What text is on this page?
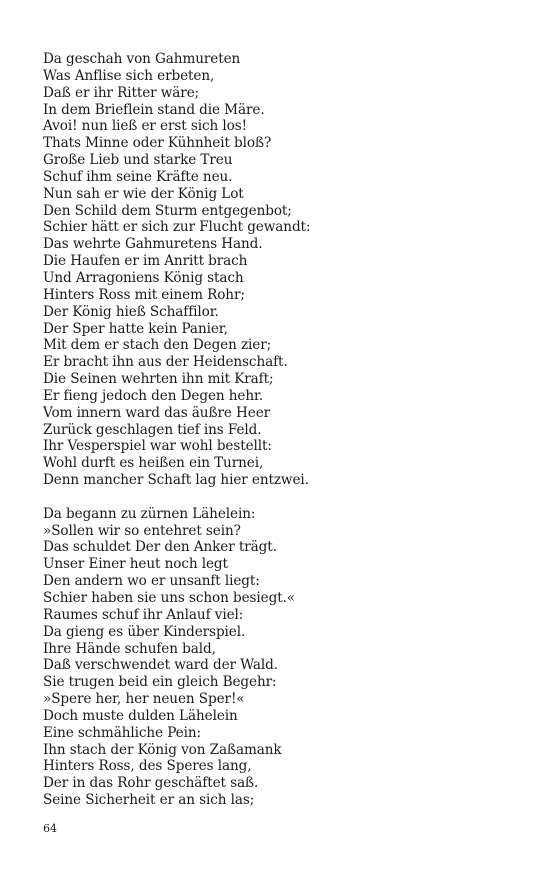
Da geschah von Gahmureten
Was Anflise sich erbeten,
Daß er ihr Ritter wäre;
In dem Brieflein stand die Märe.
Avoi! nun ließ er erst sich los!
Thats Minne oder Kühnheit bloß?
Große Lieb und starke Treu
Schuf ihm seine Kräfte neu.
Nun sah er wie der König Lot
Den Schild dem Sturm entgegenbot;
Schier hätt er sich zur Flucht gewandt:
Das wehrte Gahmuretens Hand.
Die Haufen er im Anritt brach
Und Arragoniens König stach
Hinters Ross mit einem Rohr;
Der König hieß Schaffilor.
Der Sper hatte kein Panier,
Mit dem er stach den Degen zier;
Er bracht ihn aus der Heidenschaft.
Die Seinen wehrten ihn mit Kraft;
Er fieng jedoch den Degen hehr.
Vom innern ward das äußre Heer
Zurück geschlagen tief ins Feld.
Ihr Vesperspiel war wohl bestellt:
Wohl durft es heißen ein Turnei,
Denn mancher Schaft lag hier entzwei.
Da begann zu zürnen Lähelein:
»Sollen wir so entehret sein?
Das schuldet Der den Anker trägt.
Unser Einer heut noch legt
Den andern wo er unsanft liegt:
Schier haben sie uns schon besiegt.«
Raumes schuf ihr Anlauf viel:
Da gieng es über Kinderspiel.
Ihre Hände schufen bald,
Daß verschwendet ward der Wald.
Sie trugen beid ein gleich Begehr:
»Spere her, her neuen Sper!«
Doch muste dulden Lähelein
Eine schmähliche Pein:
Ihn stach der König von Zaßamank
Hinters Ross, des Speres lang,
Der in das Rohr geschäftet saß.
Seine Sicherheit er an sich las;
64
